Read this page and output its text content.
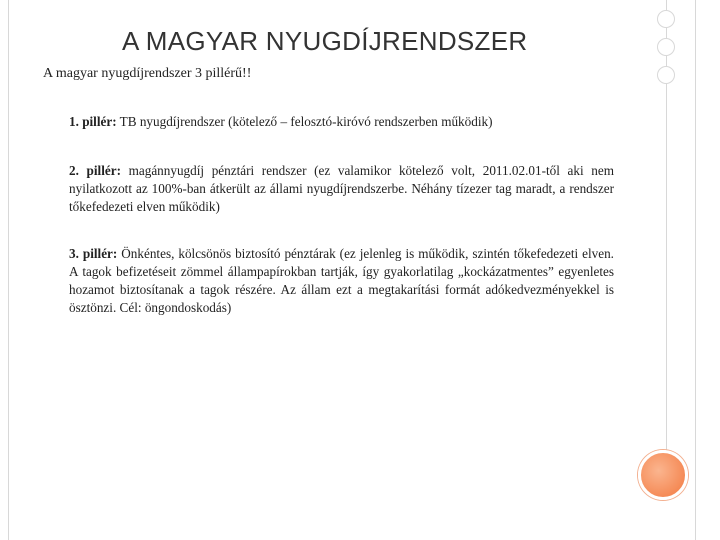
A MAGYAR NYUGDÍJRENDSZER
A magyar nyugdíjrendszer 3 pillérű!!
1. pillér: TB nyugdíjrendszer (kötelező – felosztó-kiróvó rendszerben működik)
2. pillér: magánnyugdíj pénztári rendszer (ez valamikor kötelező volt, 2011.02.01-től aki nem nyilatkozott az 100%-ban átkerült az állami nyugdíjrendszerbe. Néhány tízezer tag maradt, a rendszer tőkefedezeti elven működik)
3. pillér: Önkéntes, kölcsönös biztosító pénztárak (ez jelenleg is működik, szintén tőkefedezeti elven. A tagok befizetéseit zömmel állampapírokban tartják, így gyakorlatilag „kockázatmentes” egyenletes hozamot biztosítanak a tagok részére. Az állam ezt a megtakarítási formát adókedvezményekkel is ösztönzi. Cél: öngondoskodás)
